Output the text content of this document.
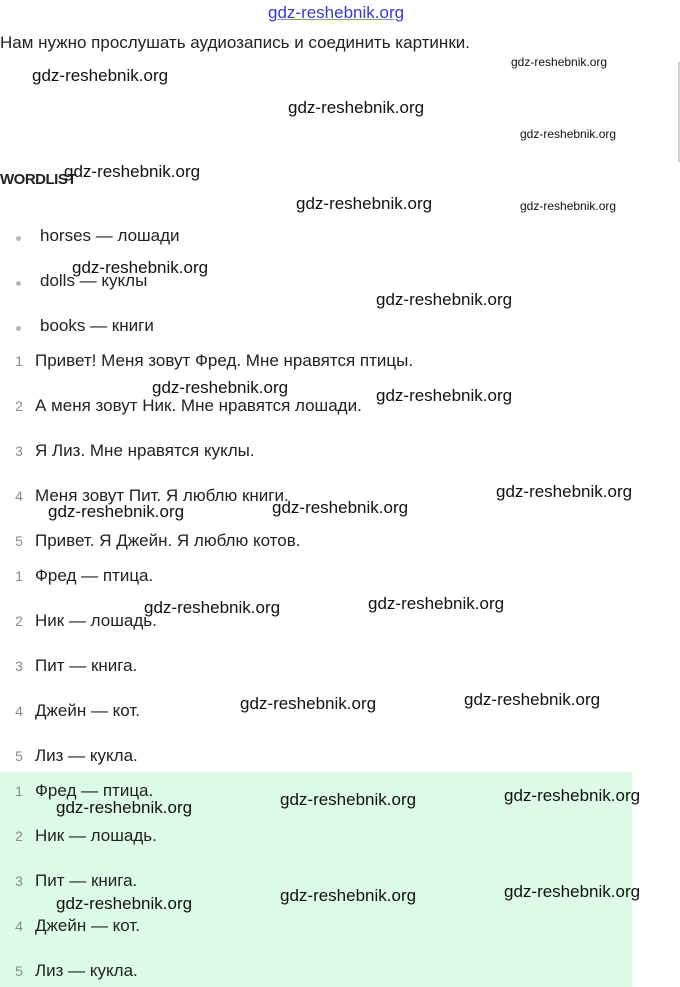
gdz-reshebnik.org
Нам нужно прослушать аудиозапись и соединить картинки.
WORDLIST
horses — лошади
dolls — куклы
books — книги
1 Привет! Меня зовут Фред. Мне нравятся птицы.
2 А меня зовут Ник. Мне нравятся лошади.
3 Я Лиз. Мне нравятся куклы.
4 Меня зовут Пит. Я люблю книги.
5 Привет. Я Джейн. Я люблю котов.
1 Фред — птица.
2 Ник — лошадь.
3 Пит — книга.
4 Джейн — кот.
5 Лиз — кукла.
1 Фред — птица.
2 Ник — лошадь.
3 Пит — книга.
4 Джейн — кот.
5 Лиз — кукла.
gdz-reshebnik.org
gdz-reshebnik.org
gdz-reshebnik.org
gdz-reshebnik.org
gdz-reshebnik.org
gdz-reshebnik.org	gdz-reshebnik.org
gdz-reshebnik.org
gdz-reshebnik.org
gdz-reshebnik.org	gdz-reshebnik.org
gdz-reshebnik.org
gdz-reshebnik.org
gdz-reshebnik.org
gdz-reshebnik.org	gdz-reshebnik.org
gdz-reshebnik.org
gdz-reshebnik.org
gdz-reshebnik.org
gdz-reshebnik.org
gdz-reshebnik.org
gdz-reshebnik.org
gdz-reshebnik.org
gdz-reshebnik.org
